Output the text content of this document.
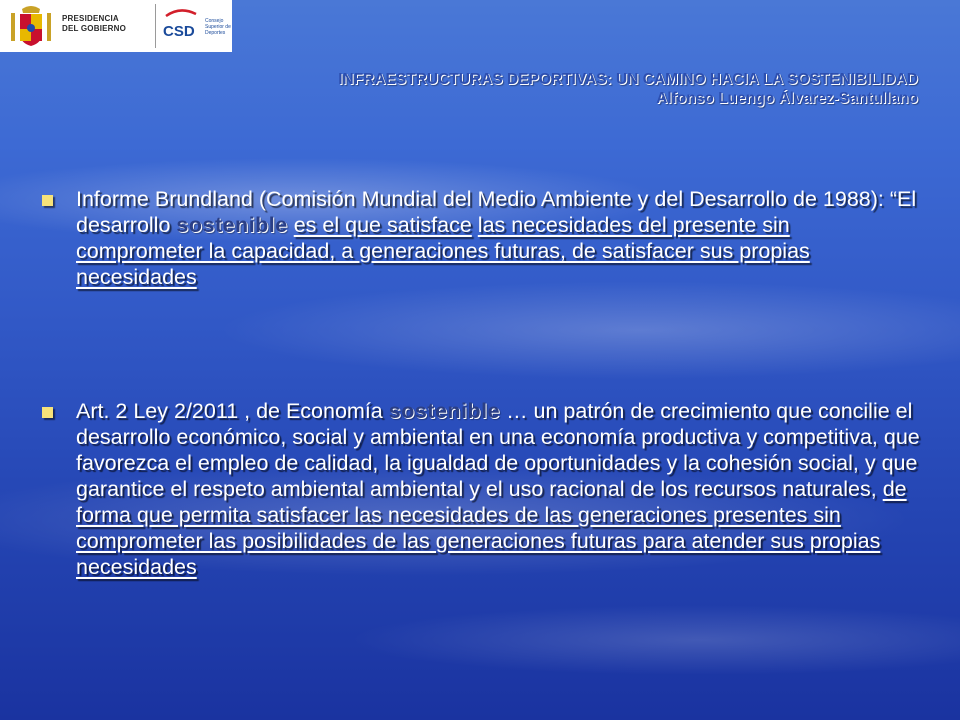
PRESIDENCIA
DEL GOBIERNO CSD
Consejo
Superior de
Deportes
INFRAESTRUCTURAS DEPORTIVAS: UN CAMINO HACIA LA SOSTENIBILIDAD
Alfonso Luengo Álvarez-Santullano
Informe Brundland (Comisión Mundial del Medio Ambiente y del Desarrollo de 1988): “El desarrollo sostenible es el que satisface las necesidades del presente sin comprometer la capacidad, a generaciones futuras, de satisfacer sus propias necesidades
Art. 2 Ley 2/2011 , de Economía sostenible … un patrón de crecimiento que concilie el desarrollo económico, social y ambiental en una economía productiva y competitiva, que favorezca el empleo de calidad, la igualdad de oportunidades y la cohesión social, y que garantice el respeto ambiental ambiental y el uso racional de los recursos naturales, de forma que permita satisfacer las necesidades de las generaciones presentes sin comprometer las posibilidades de las generaciones futuras para atender sus propias necesidades
